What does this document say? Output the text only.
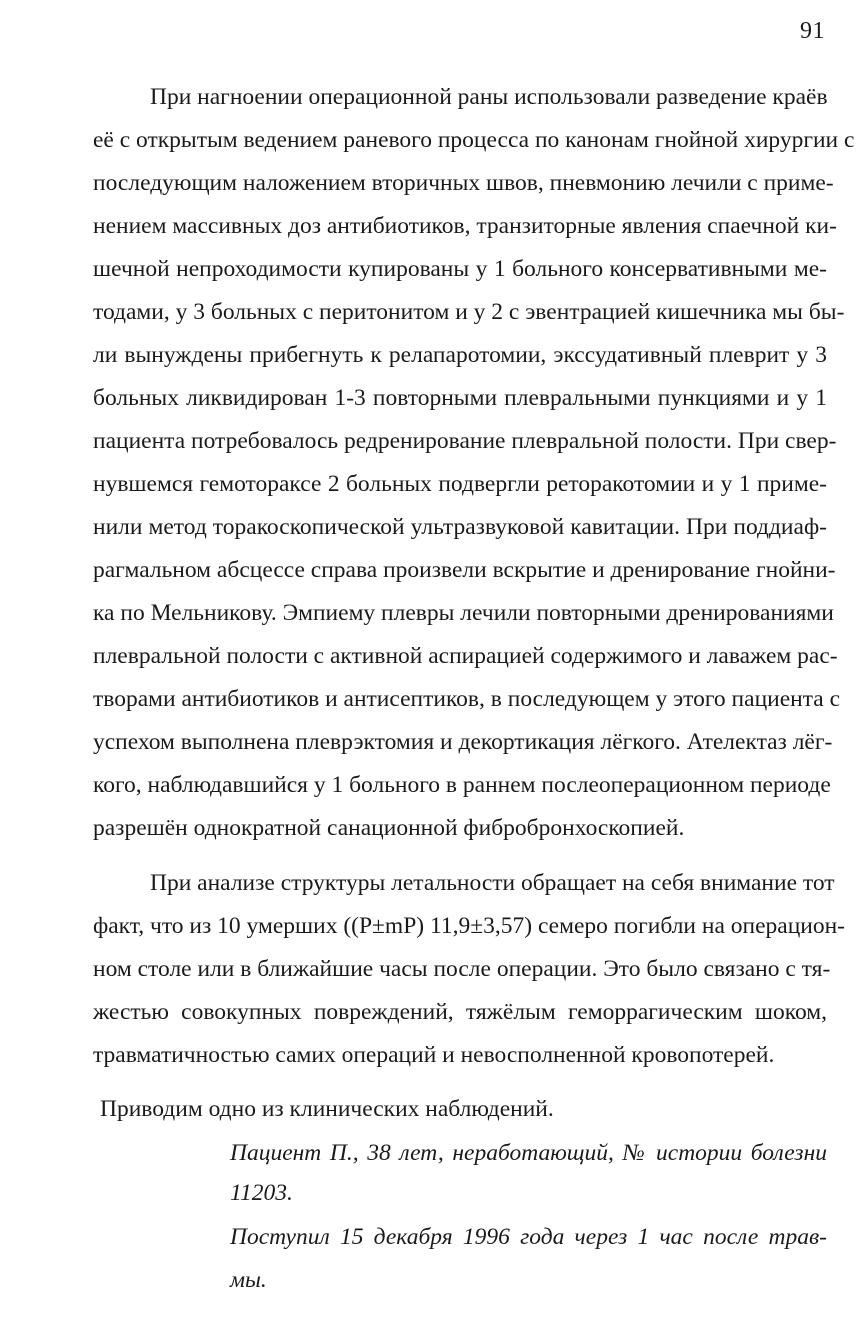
91
При нагноении операционной раны использовали разведение краёв
её с открытым ведением раневого процесса по канонам гнойной хирургии с
последующим наложением вторичных швов, пневмонию лечили с приме-
нением массивных доз антибиотиков, транзиторные явления спаечной ки-
шечной непроходимости купированы у 1 больного консервативными ме-
тодами, у 3 больных с перитонитом и у 2 с эвентрацией кишечника мы бы-
ли вынуждены прибегнуть к релапаротомии, экссудативный плеврит у 3
больных ликвидирован 1-3 повторными плевральными пункциями и у 1
пациента потребовалось редренирование плевральной полости. При свер-
нувшемся гемотораксе 2 больных подвергли реторакотомии и у 1 приме-
нили метод торакоскопической ультразвуковой кавитации. При поддиаф-
рагмальном абсцессе справа произвели вскрытие и дренирование гнойни-
ка по Мельникову. Эмпиему плевры лечили повторными дренированиями
плевральной полости с активной аспирацией содержимого и лаважем рас-
творами антибиотиков и антисептиков, в последующем у этого пациента с
успехом выполнена плеврэктомия и декортикация лёгкого. Ателектаз лёг-
кого, наблюдавшийся у 1 больного в раннем послеоперационном периоде
разрешён однократной санационной фибробронхоскопией.
При анализе структуры летальности обращает на себя внимание тот
факт, что из 10 умерших ((P±mP) 11,9±3,57) семеро погибли на операцион-
ном столе или в ближайшие часы после операции. Это было связано с тя-
жестью совокупных повреждений, тяжёлым геморрагическим шоком,
травматичностью самих операций и невосполненной кровопотерей.
Приводим одно из клинических наблюдений.
Пациент П., 38 лет, неработающий, № истории болезни
11203.
Поступил 15 декабря 1996 года через 1 час после трав-
мы.
